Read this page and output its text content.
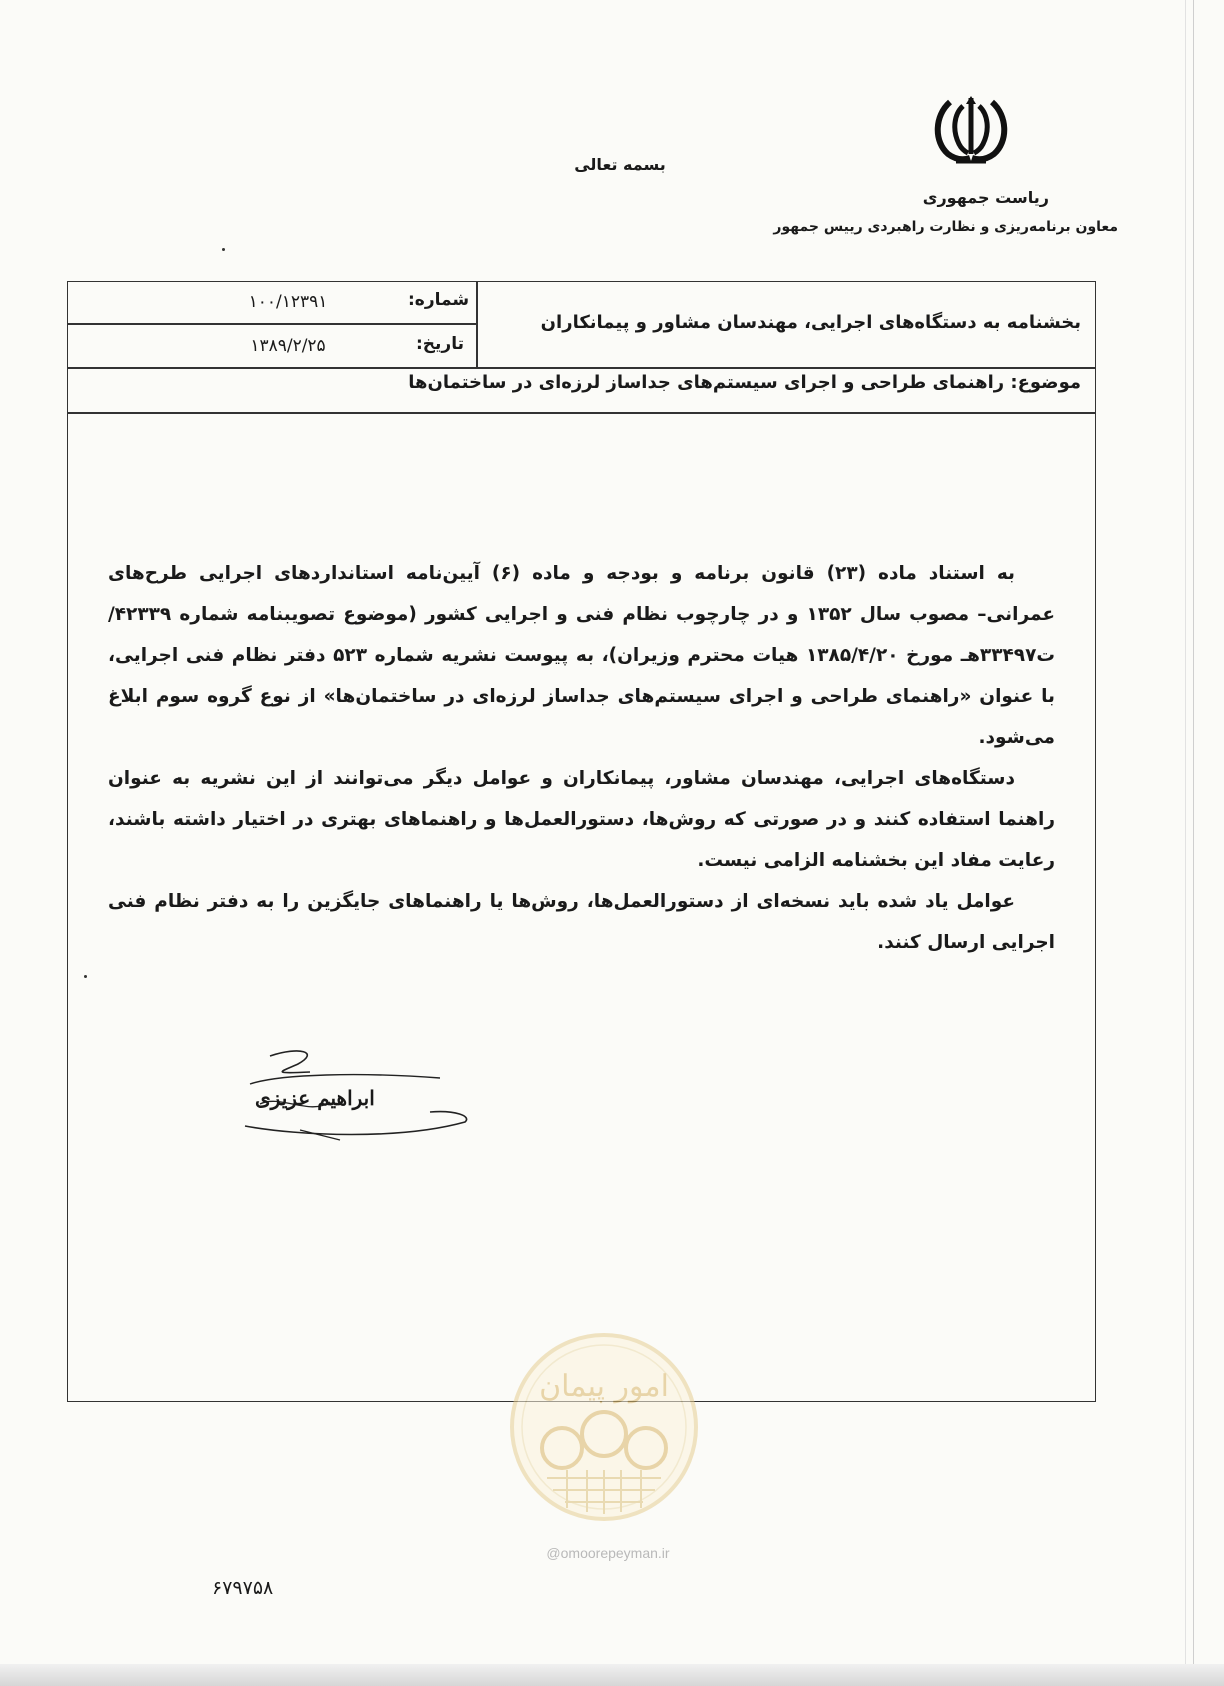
بسمه تعالی
ریاست جمهوری
معاون برنامه‌ریزی و نظارت راهبردی رییس جمهور
شماره:
۱۰۰/۱۲۳۹۱
تاریخ:
۱۳۸۹/۲/۲۵
بخشنامه به دستگاه‌های اجرایی، مهندسان مشاور و پیمانکاران
موضوع: راهنمای طراحی و اجرای سیستم‌های جداساز لرزه‌ای در ساختمان‌ها

به استناد ماده (۲۳) قانون برنامه و بودجه و ماده (۶) آیین‌نامه استانداردهای اجرایی طرح‌های عمرانی– مصوب سال ۱۳۵۲ و در چارچوب نظام فنی و اجرایی کشور (موضوع تصویبنامه شماره ۴۲۳۳۹/ت۳۳۴۹۷هـ مورخ ۱۳۸۵/۴/۲۰ هیات محترم وزیران)، به پیوست نشریه شماره ۵۲۳ دفتر نظام فنی اجرایی، با عنوان «راهنمای طراحی و اجرای سیستم‌های جداساز لرزه‌ای در ساختمان‌ها» از نوع گروه سوم ابلاغ می‌شود.

دستگاه‌های اجرایی، مهندسان مشاور، پیمانکاران و عوامل دیگر می‌توانند از این نشریه به عنوان راهنما استفاده کنند و در صورتی که روش‌ها، دستورالعمل‌ها و راهنماهای بهتری در اختیار داشته باشند، رعایت مفاد این بخشنامه الزامی نیست.

عوامل یاد شده باید نسخه‌ای از دستورالعمل‌ها، روش‌ها یا راهنماهای جایگزین را به دفتر نظام فنی اجرایی ارسال کنند.

ابراهیم عزیزی
امور پیمان
@omoorepeyman.ir
۶۷۹۷۵۸
